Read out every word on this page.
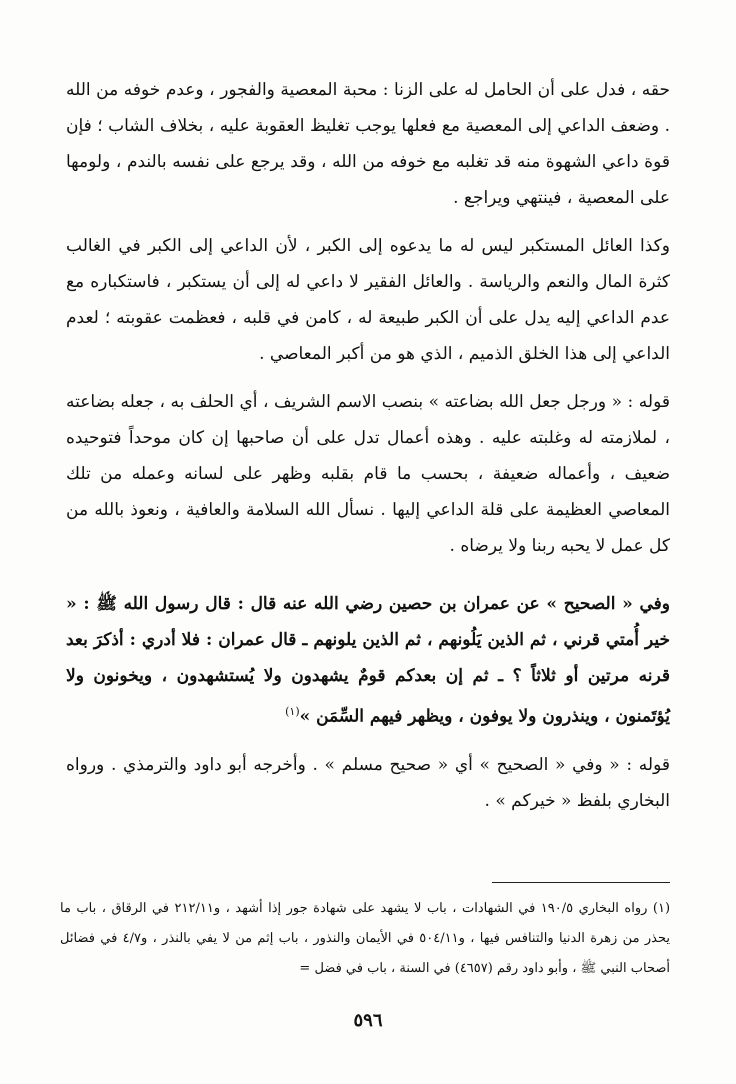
حقه ، فدل على أن الحامل له على الزنا : محبة المعصية والفجور ، وعدم خوفه من الله . وضعف الداعي إلى المعصية مع فعلها يوجب تغليظ العقوبة عليه ، بخلاف الشاب ؛ فإن قوة داعي الشهوة منه قد تغلبه مع خوفه من الله ، وقد يرجع على نفسه بالندم ، ولومها على المعصية ، فينتهي ويراجع .

وكذا العائل المستكبر ليس له ما يدعوه إلى الكبر ، لأن الداعي إلى الكبر في الغالب كثرة المال والنعم والرياسة . والعائل الفقير لا داعي له إلى أن يستكبر ، فاستكباره مع عدم الداعي إليه يدل على أن الكبر طبيعة له ، كامن في قلبه ، فعظمت عقوبته ؛ لعدم الداعي إلى هذا الخلق الذميم ، الذي هو من أكبر المعاصي .

قوله : « ورجل جعل الله بضاعته » بنصب الاسم الشريف ، أي الحلف به ، جعله بضاعته ، لملازمته له وغلبته عليه . وهذه أعمال تدل على أن صاحبها إن كان موحداً فتوحيده ضعيف ، وأعماله ضعيفة ، بحسب ما قام بقلبه وظهر على لسانه وعمله من تلك المعاصي العظيمة على قلة الداعي إليها . نسأل الله السلامة والعافية ، ونعوذ بالله من كل عمل لا يحبه ربنا ولا يرضاه .

وفي « الصحيح » عن عمران بن حصين رضي الله عنه قال : قال رسول الله ﷺ : « خير أُمتي قرني ، ثم الذين يَلُونهم ، ثم الذين يلونهم ـ قال عمران : فلا أدري : أذكرَ بعد قرنه مرتين أو ثلاثاً ؟ ـ ثم إن بعدكم قومٌ يشهدون ولا يُستشهدون ، ويخونون ولا يُؤتَمنون ، وينذرون ولا يوفون ، ويظهر فيهم السِّمَن »$^{(١)}$

قوله : « وفي « الصحيح » أي « صحيح مسلم » . وأخرجه أبو داود والترمذي . ورواه البخاري بلفظ « خيركم » .

(١) رواه البخاري ١٩٠/٥ في الشهادات ، باب لا يشهد على شهادة جور إذا أشهد ، و٢١٢/١١ في الرقاق ، باب ما يحذر من زهرة الدنيا والتنافس فيها ، و٥٠٤/١١ في الأيمان والنذور ، باب إثم من لا يفي بالنذر ، و٤/٧ في فضائل أصحاب النبي ﷺ ، وأبو داود رقم (٤٦٥٧) في السنة ، باب في فضل =

٥٩٦
